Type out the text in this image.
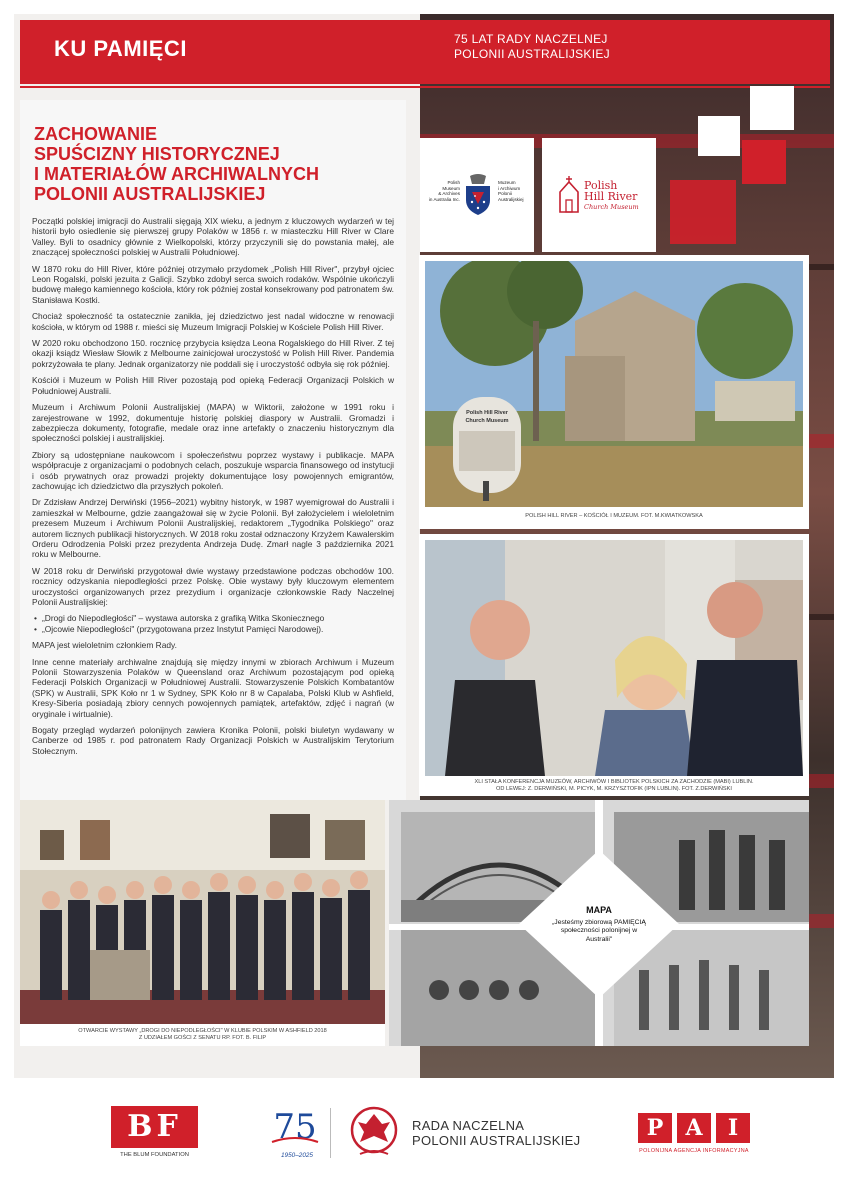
KU PAMIĘCI	75 LAT RADY NACZELNEJ
POLONII AUSTRALIJSKIEJ
ZACHOWANIE
SPUŚCIZNY HISTORYCZNEJ
I MATERIAŁÓW ARCHIWALNYCH
POLONII AUSTRALIJSKIEJ

Początki polskiej imigracji do Australii sięgają XIX wieku, a jednym z kluczowych wydarzeń w tej historii było osiedlenie się pierwszej grupy Polaków w 1856 r. w miasteczku Hill River w Clare Valley. Byli to osadnicy głównie z Wielkopolski, którzy przyczynili się do powstania małej, ale znaczącej społeczności polskiej w Australii Południowej.

W 1870 roku do Hill River, które później otrzymało przydomek „Polish Hill River", przybył ojciec Leon Rogalski, polski jezuita z Galicji. Szybko zdobył serca swoich rodaków. Wspólnie ukończyli budowę małego kamiennego kościoła, który rok później został konsekrowany pod patronatem św. Stanisława Kostki.

Chociaż społeczność ta ostatecznie zanikła, jej dziedzictwo jest nadal widoczne w renowacji kościoła, w którym od 1988 r. mieści się Muzeum Imigracji Polskiej w Kościele Polish Hill River.

W 2020 roku obchodzono 150. rocznicę przybycia księdza Leona Rogalskiego do Hill River. Z tej okazji ksiądz Wiesław Słowik z Melbourne zainicjował uroczystość w Polish Hill River. Pandemia pokrzyżowała te plany. Jednak organizatorzy nie poddali się i uroczystość odbyła się rok później.

Kościół i Muzeum w Polish Hill River pozostają pod opieką Federacji Organizacji Polskich w Południowej Australii.

Muzeum i Archiwum Polonii Australijskiej (MAPA) w Wiktorii, założone w 1991 roku i zarejestrowane w 1992, dokumentuje historię polskiej diaspory w Australii. Gromadzi i zabezpiecza dokumenty, fotografie, medale oraz inne artefakty o znaczeniu historycznym dla społeczności polskiej i australijskiej.

Zbiory są udostępniane naukowcom i społeczeństwu poprzez wystawy i publikacje. MAPA współpracuje z organizacjami o podobnych celach, poszukuje wsparcia finansowego od instytucji i osób prywatnych oraz prowadzi projekty dokumentujące losy powojennych emigrantów, zachowując ich dziedzictwo dla przyszłych pokoleń.

Dr Zdzisław Andrzej Derwiński (1956–2021) wybitny historyk, w 1987 wyemigrował do Australii i zamieszkał w Melbourne, gdzie zaangażował się w życie Polonii. Był założycielem i wieloletnim prezesem Muzeum i Archiwum Polonii Australijskiej, redaktorem „Tygodnika Polskiego" oraz autorem licznych publikacji historycznych. W 2018 roku został odznaczony Krzyżem Kawalerskim Orderu Odrodzenia Polski przez prezydenta Andrzeja Dudę. Zmarł nagle 3 października 2021 roku w Melbourne.

W 2018 roku dr Derwiński przygotował dwie wystawy przedstawione podczas obchodów 100. rocznicy odzyskania niepodległości przez Polskę. Obie wystawy były kluczowym elementem uroczystości organizowanych przez prezydium i organizacje członkowskie Rady Naczelnej Polonii Australijskiej:

• „Drogi do Niepodległości" – wystawa autorska z grafiką Witka Skoniecznego
• „Ojcowie Niepodległości" (przygotowana przez Instytut Pamięci Narodowej).

MAPA jest wieloletnim członkiem Rady.

Inne cenne materiały archiwalne znajdują się między innymi w zbiorach Archiwum i Muzeum Polonii Stowarzyszenia Polaków w Queensland oraz Archiwum pozostającym pod opieką Federacji Polskich Organizacji w Południowej Australii. Stowarzyszenie Polskich Kombatantów (SPK) w Australii, SPK Koło nr 1 w Sydney, SPK Koło nr 8 w Capalaba, Polski Klub w Ashfield, Kresy-Siberia posiadają zbiory cennych powojennych pamiątek, artefaktów, zdjęć i nagrań (w oryginale i wirtualnie).

Bogaty przegląd wydarzeń polonijnych zawiera Kronika Polonii, polski biuletyn wydawany w Canberze od 1985 r. pod patronatem Rady Organizacji Polskich w Australijskim Terytorium Stołecznym.

Polish
Museum
& Archives
in Australia Inc.
Muzeum
i Archiwum
Polonii
Australijskiej
Polish
Hill River
Church Museum
Polish Hill River
Church Museum
POLISH HILL RIVER – KOŚCIÓŁ I MUZEUM. FOT. M.KWIATKOWSKA
XLI STAŁA KONFERENCJA MUZEÓW, ARCHIWÓW I BIBLIOTEK POLSKICH ZA ZACHODZIE (MABI) LUBLIN.
OD LEWEJ: Z. DERWIŃSKI, M. PICYK, M. KRZYSZTOFIK (IPN LUBLIN). FOT. Z.DERWIŃSKI
OTWARCIE WYSTAWY „DROGI DO NIEPODLEGŁOŚCI" W KLUBIE POLSKIM W ASHFIELD 2018
Z UDZIAŁEM GOŚCI Z SENATU RP. FOT. B. FILIP
MAPA
„Jesteśmy zbiorową PAMIĘCIĄ
społeczności polonijnej w
Australii"
BF
THE BLUM FOUNDATION
75
1950–2025
RADA NACZELNA
POLONII AUSTRALIJSKIEJ	P	A	I
POLONIJNA AGENCJA INFORMACYJNA
